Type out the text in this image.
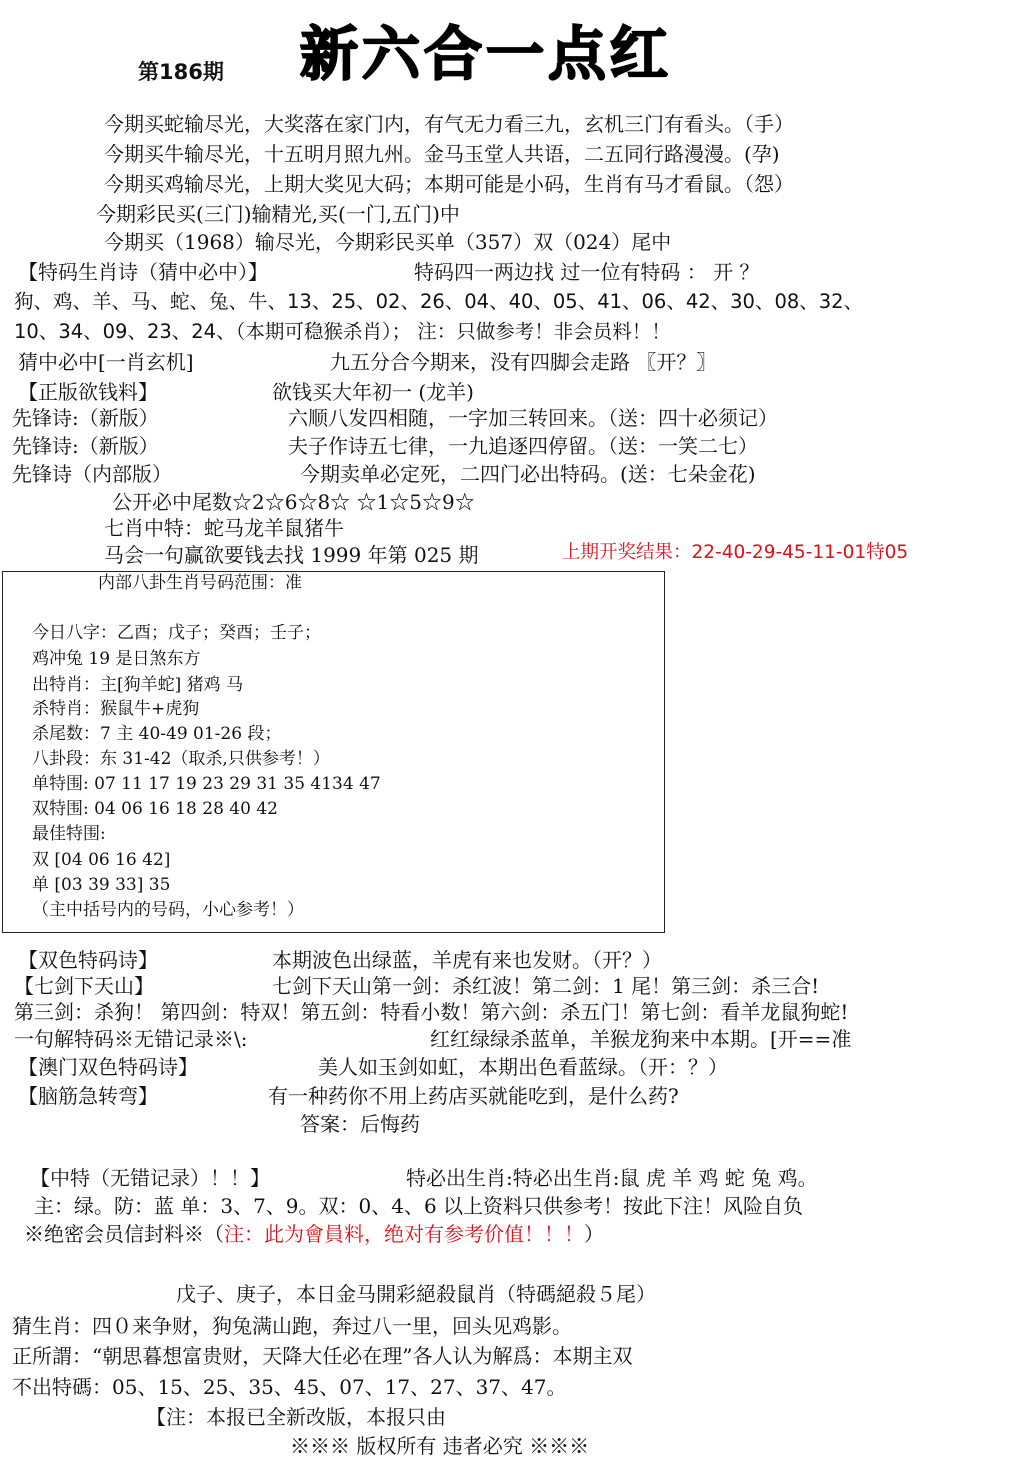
第186期 新六合一点红
今期买蛇输尽光，大奖落在家门内，有气无力看三九，玄机三门有看头。（手）
今期买牛输尽光，十五明月照九州。金马玉堂人共语，二五同行路漫漫。(孕)
今期买鸡输尽光，上期大奖见大码；本期可能是小码，生肖有马才看鼠。（怨）
今期彩民买(三门)输精光,买(一门,五门)中
今期买（1968）输尽光，今期彩民买单（357）双（024）尾中
【特码生肖诗（猜中必中）】	特码四一两边找 过一位有特码 ： 开 ？
狗、鸡、羊、马、蛇、兔、牛、13、25、02、26、04、40、05、41、06、42、30、08、32、
10、34、09、23、24、（本期可稳猴杀肖）； 注：只做参考！非会员料！！
猜中必中[一肖玄机]	九五分合今期来，没有四脚会走路 〖开？〗
【正版欲钱料】	欲钱买大年初一 (龙羊)
先锋诗:（新版）	六顺八发四相随，一字加三转回来。（送：四十必须记）
先锋诗:（新版）	夫子作诗五七律，一九追逐四停留。（送：一笑二七）
先锋诗（内部版）	今期卖单必定死，二四门必出特码。(送：七朵金花)
公开必中尾数☆2☆6☆8☆ ☆1☆5☆9☆
七肖中特：蛇马龙羊鼠猪牛
马会一句赢欲要钱去找 1999 年第 025 期	上期开奖结果：22-40-29-45-11-01特05
内部八卦生肖号码范围：准
今日八字：乙酉；戊子；癸酉；壬子；
鸡冲兔 19 是日煞东方
出特肖：主[狗羊蛇] 猪鸡 马
杀特肖：猴鼠牛+虎狗
杀尾数：7 主 40-49 01-26 段；
八卦段：东 31-42（取杀,只供参考！）
单特围: 07 11 17 19 23 29 31 35 4134 47
双特围: 04 06 16 18 28 40 42
最佳特围:
双 [04 06 16 42]
单 [03 39 33] 35
（主中括号内的号码，小心参考！）
【双色特码诗】	本期波色出绿蓝，羊虎有来也发财。（开？）
【七剑下天山】	七剑下天山第一剑：杀红波！第二剑：1 尾！第三剑：杀三合!
第三剑：杀狗！ 第四剑：特双！第五剑：特看小数！第六剑：杀五门！第七剑：看羊龙鼠狗蛇!
一句解特码※无错记录※\:	红红绿绿杀蓝单，羊猴龙狗来中本期。[开==准
【澳门双色特码诗】	美人如玉剑如虹，本期出色看蓝绿。（开：？）
【脑筋急转弯】	有一种药你不用上药店买就能吃到，是什么药?
答案：后悔药
【中特（无错记录）！！】	特必出生肖:特必出生肖:鼠 虎 羊 鸡 蛇 兔 鸡。
主：绿。防：蓝 单：3、7、9。双：0、4、6 以上资料只供参考！按此下注！风险自负
※绝密会员信封料※（注：此为會員料，绝对有参考价值！！！）
戊子、庚子，本日金马開彩絕殺鼠肖（特碼絕殺５尾）
猜生肖：四０来争财，狗兔满山跑，奔过八一里，回头见鸡影。
正所謂：“朝思暮想富贵财，天降大任必在理”各人认为解爲：本期主双
不出特碼：05、15、25、35、45、07、17、27、37、47。
【注：本报已全新改版，本报只由
※※※ 版权所有 违者必究 ※※※
